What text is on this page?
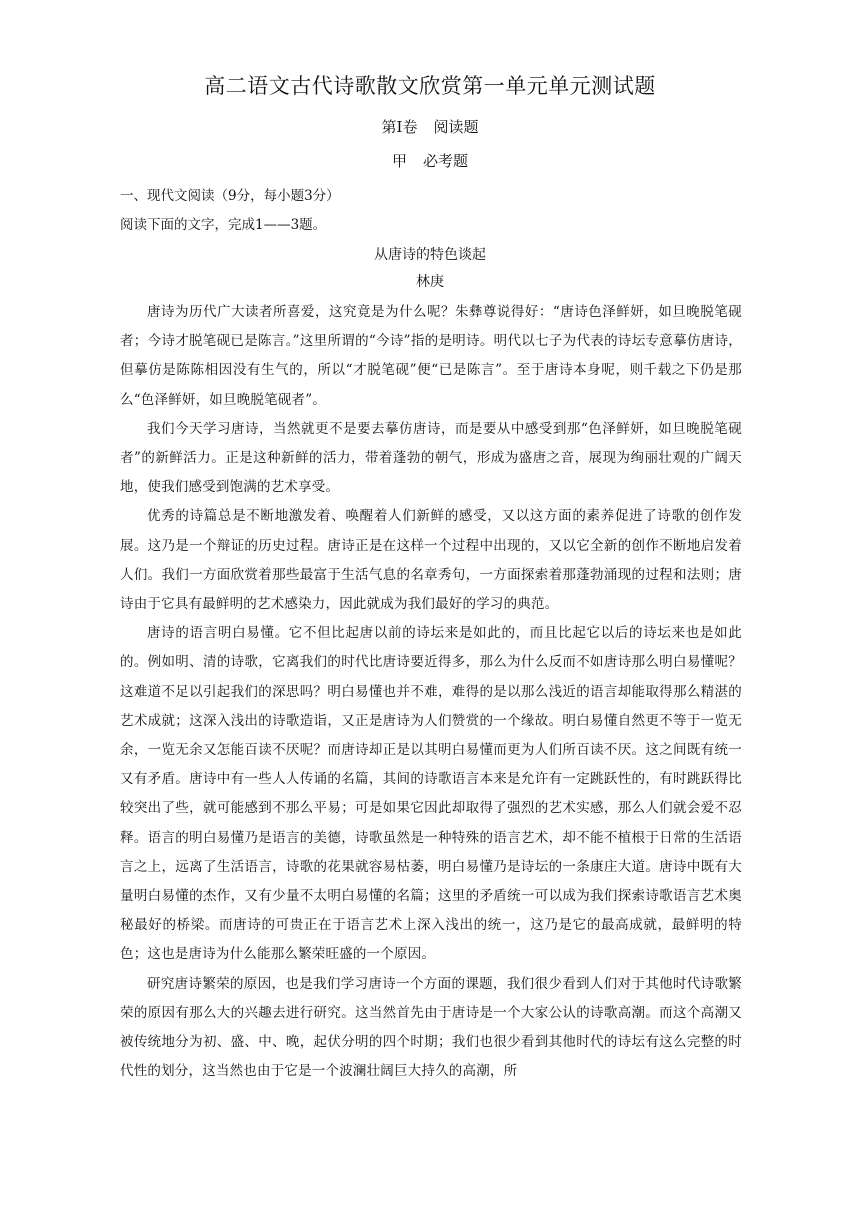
高二语文古代诗歌散文欣赏第一单元单元测试题

第Ⅰ卷 阅读题

甲 必考题

一、现代文阅读（9分，每小题3分）

阅读下面的文字，完成1——3题。

从唐诗的特色谈起

林庚

唐诗为历代广大读者所喜爱，这究竟是为什么呢？朱彝尊说得好：“唐诗色泽鲜妍，如旦晚脱笔砚者；今诗才脱笔砚已是陈言。”这里所谓的“今诗”指的是明诗。明代以七子为代表的诗坛专意摹仿唐诗，但摹仿是陈陈相因没有生气的，所以“才脱笔砚”便“已是陈言”。至于唐诗本身呢，则千载之下仍是那么“色泽鲜妍，如旦晚脱笔砚者”。

我们今天学习唐诗，当然就更不是要去摹仿唐诗，而是要从中感受到那“色泽鲜妍，如旦晚脱笔砚者”的新鲜活力。正是这种新鲜的活力，带着蓬勃的朝气，形成为盛唐之音，展现为绚丽壮观的广阔天地，使我们感受到饱满的艺术享受。

优秀的诗篇总是不断地激发着、唤醒着人们新鲜的感受，又以这方面的素养促进了诗歌的创作发展。这乃是一个辩证的历史过程。唐诗正是在这样一个过程中出现的，又以它全新的创作不断地启发着人们。我们一方面欣赏着那些最富于生活气息的名章秀句，一方面探索着那蓬勃涌现的过程和法则；唐诗由于它具有最鲜明的艺术感染力，因此就成为我们最好的学习的典范。

唐诗的语言明白易懂。它不但比起唐以前的诗坛来是如此的，而且比起它以后的诗坛来也是如此的。例如明、清的诗歌，它离我们的时代比唐诗要近得多，那么为什么反而不如唐诗那么明白易懂呢？这难道不足以引起我们的深思吗？明白易懂也并不难，难得的是以那么浅近的语言却能取得那么精湛的艺术成就；这深入浅出的诗歌造诣，又正是唐诗为人们赞赏的一个缘故。明白易懂自然更不等于一览无余，一览无余又怎能百读不厌呢？而唐诗却正是以其明白易懂而更为人们所百读不厌。这之间既有统一又有矛盾。唐诗中有一些人人传诵的名篇，其间的诗歌语言本来是允许有一定跳跃性的，有时跳跃得比较突出了些，就可能感到不那么平易；可是如果它因此却取得了强烈的艺术实感，那么人们就会爱不忍释。语言的明白易懂乃是语言的美德，诗歌虽然是一种特殊的语言艺术，却不能不植根于日常的生活语言之上，远离了生活语言，诗歌的花果就容易枯萎，明白易懂乃是诗坛的一条康庄大道。唐诗中既有大量明白易懂的杰作，又有少量不太明白易懂的名篇；这里的矛盾统一可以成为我们探索诗歌语言艺术奥秘最好的桥梁。而唐诗的可贵正在于语言艺术上深入浅出的统一，这乃是它的最高成就，最鲜明的特色；这也是唐诗为什么能那么繁荣旺盛的一个原因。

研究唐诗繁荣的原因，也是我们学习唐诗一个方面的课题，我们很少看到人们对于其他时代诗歌繁荣的原因有那么大的兴趣去进行研究。这当然首先由于唐诗是一个大家公认的诗歌高潮。而这个高潮又被传统地分为初、盛、中、晚，起伏分明的四个时期；我们也很少看到其他时代的诗坛有这么完整的时代性的划分，这当然也由于它是一个波澜壮阔巨大持久的高潮，所
